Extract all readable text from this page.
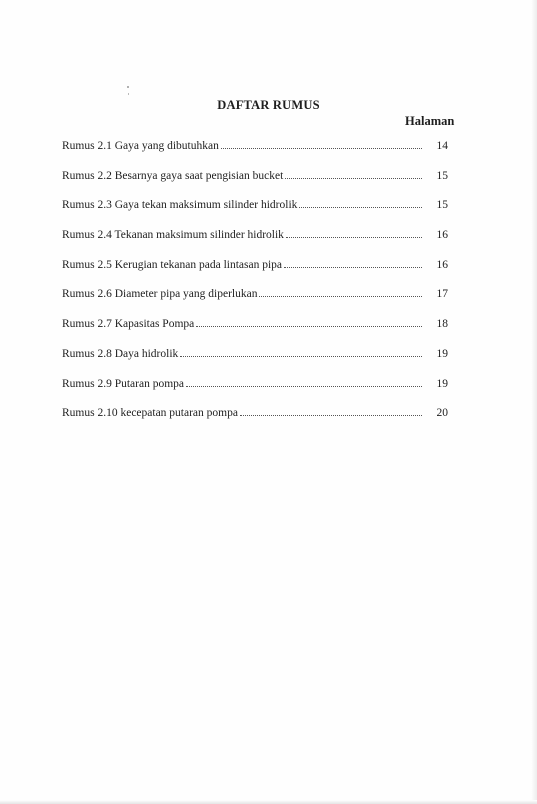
DAFTAR RUMUS
Halaman
Rumus 2.1 Gaya yang dibutuhkan	14
Rumus 2.2 Besarnya gaya saat pengisian bucket	15
Rumus 2.3 Gaya tekan maksimum silinder hidrolik	15
Rumus 2.4 Tekanan maksimum silinder hidrolik	16
Rumus 2.5 Kerugian tekanan pada lintasan pipa	16
Rumus 2.6 Diameter pipa yang diperlukan	17
Rumus 2.7 Kapasitas Pompa	18
Rumus 2.8 Daya hidrolik	19
Rumus 2.9 Putaran pompa	19
Rumus 2.10 kecepatan putaran pompa	20
